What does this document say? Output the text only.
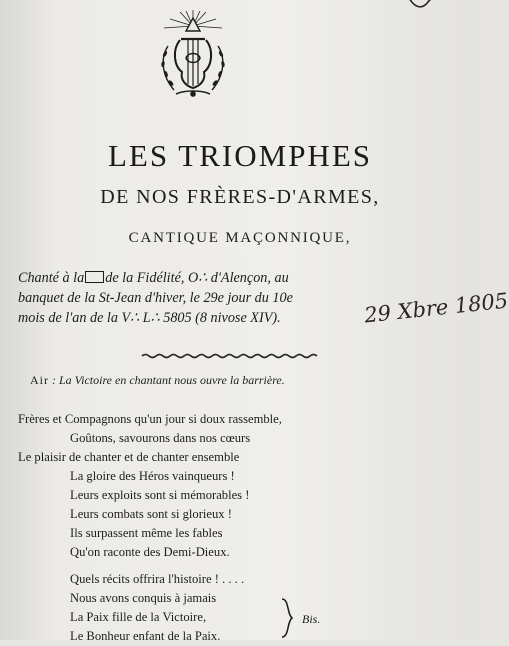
LES TRIOMPHES
DE NOS FRÈRES-D'ARMES,
CANTIQUE MAÇONNIQUE,
Chanté à la de la Fidélité, O∴ d'Alençon, au
banquet de la St-Jean d'hiver, le 29e jour du 10e
mois de l'an de la V∴ L∴ 5805 (8 nivose XIV).	29 Xbre 1805
Air : La Victoire en chantant nous ouvre la barrière.
Frères et Compagnons qu'un jour si doux rassemble,
Goûtons, savourons dans nos cœurs
Le plaisir de chanter et de chanter ensemble
La gloire des Héros vainqueurs !
Leurs exploits sont si mémorables !
Leurs combats sont si glorieux !
Ils surpassent même les fables
Qu'on raconte des Demi-Dieux.
Quels récits offrira l'histoire ! . . . .
Nous avons conquis à jamais
La Paix fille de la Victoire,
Le Bonheur enfant de la Paix.
Bis.
